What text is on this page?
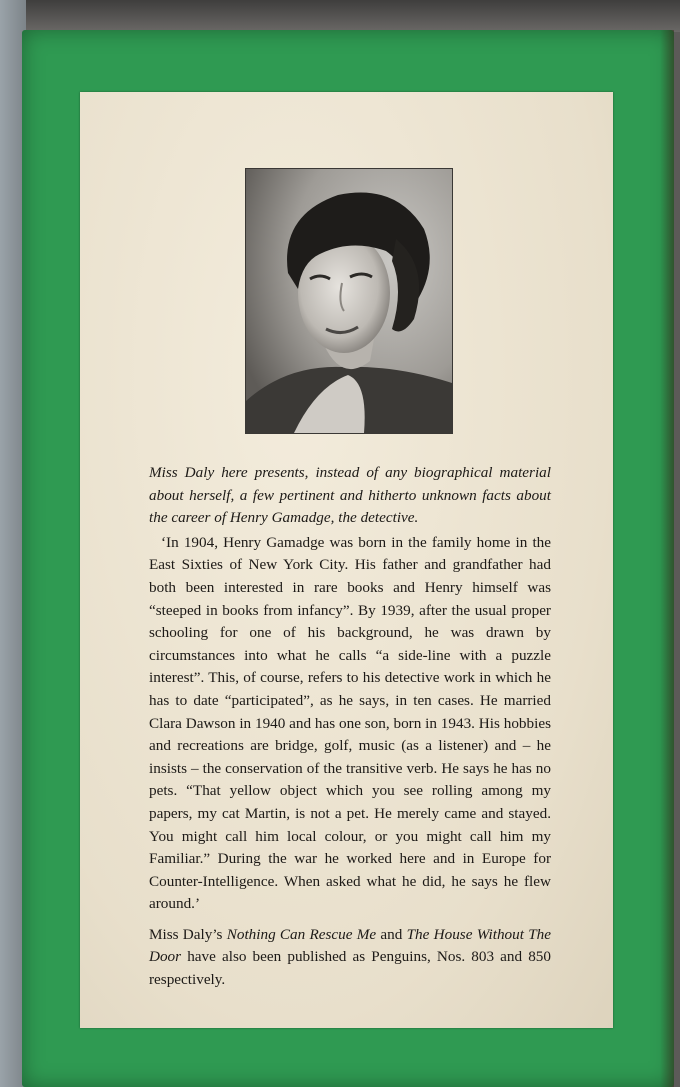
Miss Daly here presents, instead of any biographical material about herself, a few pertinent and hitherto unknown facts about the career of Henry Gamadge, the detective.

‘In 1904, Henry Gamadge was born in the family home in the East Sixties of New York City. His father and grandfather had both been interested in rare books and Henry himself was “steeped in books from infancy”. By 1939, after the usual proper schooling for one of his background, he was drawn by circumstances into what he calls “a side-line with a puzzle interest”. This, of course, refers to his detective work in which he has to date “participated”, as he says, in ten cases. He married Clara Dawson in 1940 and has one son, born in 1943. His hobbies and recreations are bridge, golf, music (as a listener) and – he insists – the conservation of the transitive verb. He says he has no pets. “That yellow object which you see rolling among my papers, my cat Martin, is not a pet. He merely came and stayed. You might call him local colour, or you might call him my Familiar.” During the war he worked here and in Europe for Counter-Intelligence. When asked what he did, he says he flew around.’

Miss Daly’s Nothing Can Rescue Me and The House Without The Door have also been published as Penguins, Nos. 803 and 850 respectively.
